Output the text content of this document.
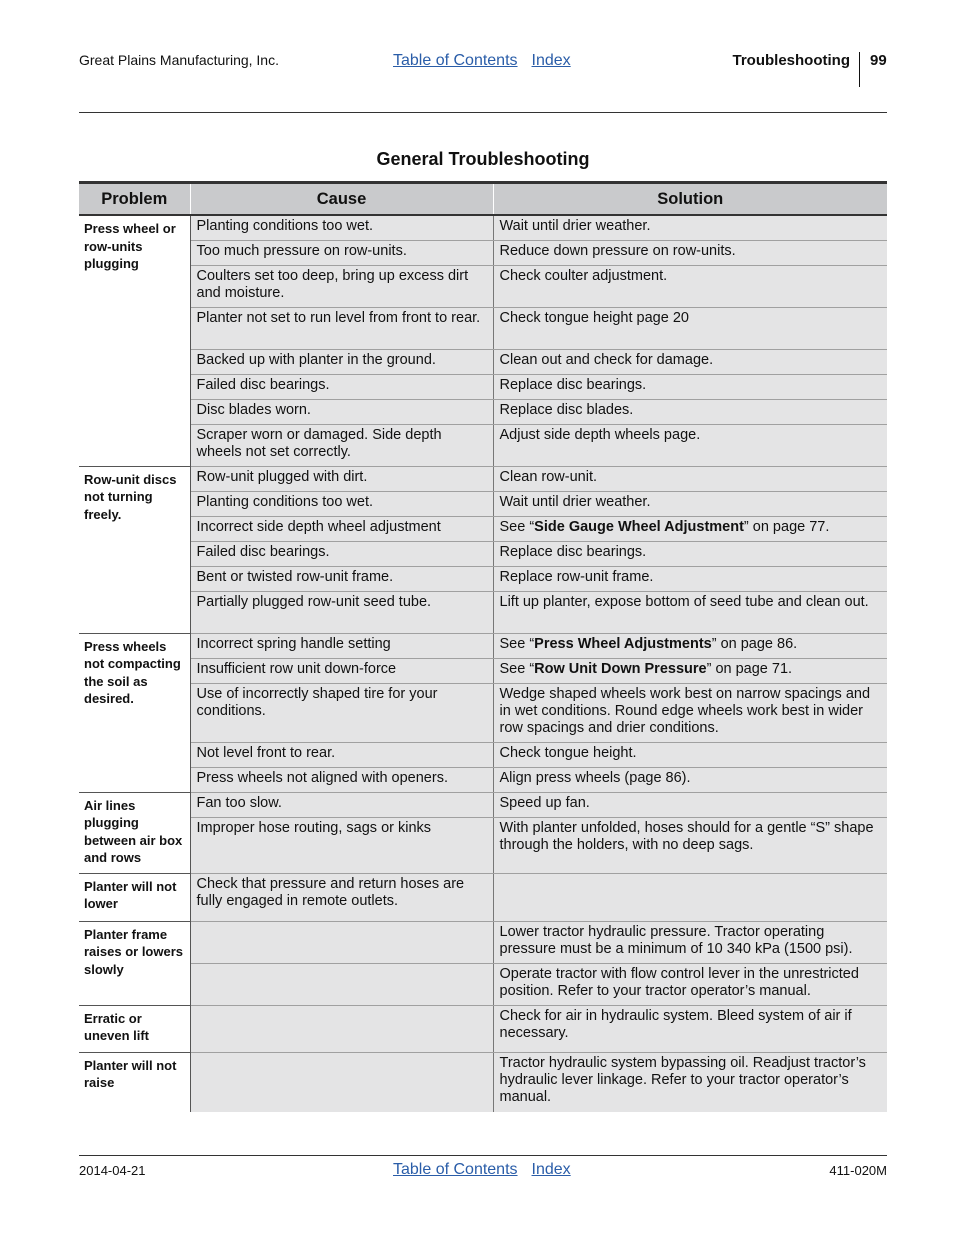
Great Plains Manufacturing, Inc.	Table of Contents Index	Troubleshooting 99
General Troubleshooting
Problem	Cause	Solution
Press wheel or row-units plugging	Planting conditions too wet.	Wait until drier weather.
	Too much pressure on row-units.	Reduce down pressure on row-units.
	Coulters set too deep, bring up excess dirt and moisture.	Check coulter adjustment.
	Planter not set to run level from front to rear.	Check tongue height page 20
	Backed up with planter in the ground.	Clean out and check for damage.
	Failed disc bearings.	Replace disc bearings.
	Disc blades worn.	Replace disc blades.
	Scraper worn or damaged. Side depth wheels not set correctly.	Adjust side depth wheels page.
Row-unit discs not turning freely.	Row-unit plugged with dirt.	Clean row-unit.
	Planting conditions too wet.	Wait until drier weather.
	Incorrect side depth wheel adjustment	See “Side Gauge Wheel Adjustment” on page 77.
	Failed disc bearings.	Replace disc bearings.
	Bent or twisted row-unit frame.	Replace row-unit frame.
	Partially plugged row-unit seed tube.	Lift up planter, expose bottom of seed tube and clean out.
Press wheels not compacting the soil as desired.	Incorrect spring handle setting	See “Press Wheel Adjustments” on page 86.
	Insufficient row unit down-force	See “Row Unit Down Pressure” on page 71.
	Use of incorrectly shaped tire for your conditions.	Wedge shaped wheels work best on narrow spacings and in wet conditions. Round edge wheels work best in wider row spacings and drier conditions.
	Not level front to rear.	Check tongue height.
	Press wheels not aligned with openers.	Align press wheels (page 86).
Air lines plugging between air box and rows	Fan too slow.	Speed up fan.
	Improper hose routing, sags or kinks	With planter unfolded, hoses should for a gentle “S” shape through the holders, with no deep sags.
Planter will not lower	Check that pressure and return hoses are fully engaged in remote outlets.	
Planter frame raises or lowers slowly		Lower tractor hydraulic pressure. Tractor operating pressure must be a minimum of 10 340 kPa (1500 psi).
		Operate tractor with flow control lever in the unrestricted position. Refer to your tractor operator’s manual.
Erratic or uneven lift		Check for air in hydraulic system. Bleed system of air if necessary.
Planter will not raise		Tractor hydraulic system bypassing oil. Readjust tractor’s hydraulic lever linkage. Refer to your tractor operator’s manual.
2014-04-21	Table of Contents Index	411-020M
